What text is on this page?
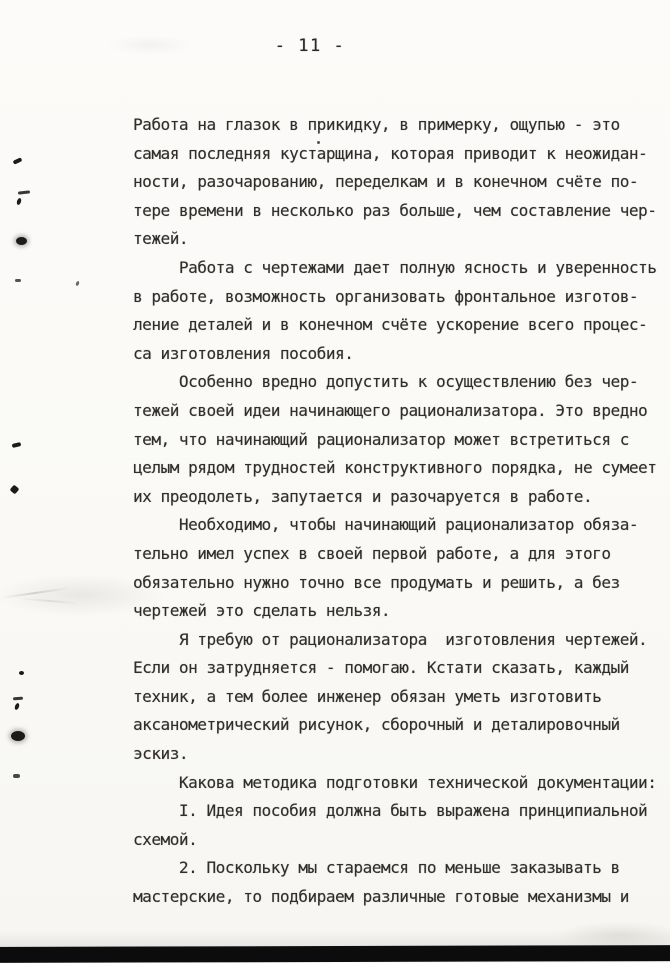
- 11 -
Работа на глазок в прикидку, в примерку, ощупью - это
самая последняя кустарщина, которая приводит к неожидан-
ности, разочарованию, переделкам и в конечном счёте по-
тере времени в несколько раз больше, чем составление чер-
тежей.
Работа с чертежами дает полную ясность и уверенность
в работе, возможность организовать фронтальное изготов-
ление деталей и в конечном счёте ускорение всего процес-
са изготовления пособия.
Особенно вредно допустить к осуществлению без чер-
тежей своей идеи начинающего рационализатора. Это вредно
тем, что начинающий рационализатор может встретиться с
целым рядом трудностей конструктивного порядка, не сумеет
их преодолеть, запутается и разочаруется в работе.
Необходимо, чтобы начинающий рационализатор обяза-
тельно имел успех в своей первой работе, а для этого
обязательно нужно точно все продумать и решить, а без
чертежей это сделать нельзя.
Я требую от рационализатора  изготовления чертежей.
Если он затрудняется - помогаю. Кстати сказать, каждый
техник, а тем более инженер обязан уметь изготовить
аксанометрический рисунок, сборочный и деталировочный
эскиз.
Какова методика подготовки технической документации:
I. Идея пособия должна быть выражена принципиальной
схемой.
2. Поскольку мы стараемся по меньше заказывать в
мастерские, то подбираем различные готовые механизмы и
